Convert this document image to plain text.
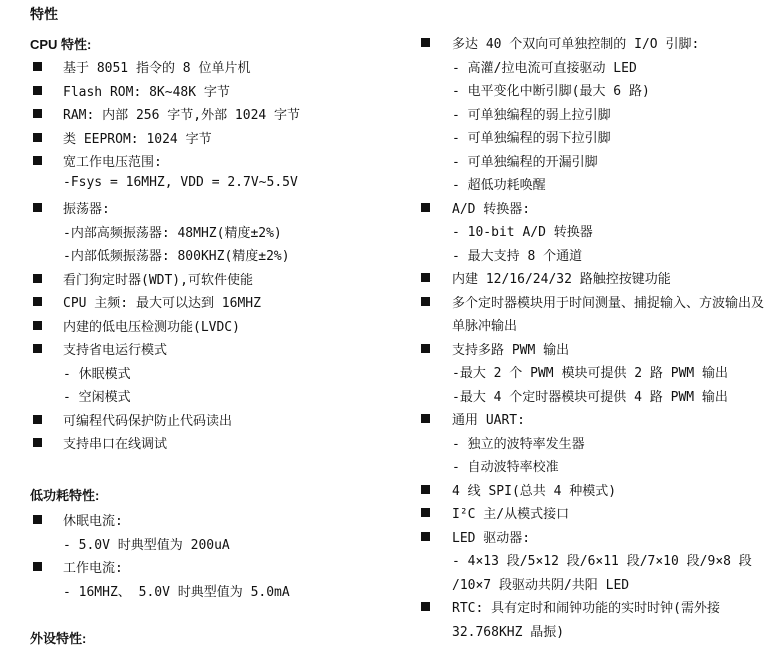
特性
CPU 特性:
基于 8051 指令的 8 位单片机
Flash ROM: 8K~48K 字节
RAM: 内部 256 字节,外部 1024 字节
类 EEPROM: 1024 字节
宽工作电压范围:
-Fsys = 16MHZ, VDD = 2.7V~5.5V
振荡器:
-内部高频振荡器: 48MHZ(精度±2%)
-内部低频振荡器: 800KHZ(精度±2%)
看门狗定时器(WDT),可软件使能
CPU 主频: 最大可以达到 16MHZ
内建的低电压检测功能(LVDC)
支持省电运行模式
- 休眠模式
- 空闲模式
可编程代码保护防止代码读出
支持串口在线调试
低功耗特性:
休眠电流:
- 5.0V 时典型值为 200uA
工作电流:
- 16MHZ、 5.0V 时典型值为 5.0mA
外设特性:
多达 40 个双向可单独控制的 I/O 引脚:
- 高灌/拉电流可直接驱动 LED
- 电平变化中断引脚(最大 6 路)
- 可单独编程的弱上拉引脚
- 可单独编程的弱下拉引脚
- 可单独编程的开漏引脚
- 超低功耗唤醒
A/D 转换器:
- 10-bit A/D 转换器
- 最大支持 8 个通道
内建 12/16/24/32 路触控按键功能
多个定时器模块用于时间测量、捕捉输入、方波输出及
单脉冲输出
支持多路 PWM 输出
-最大 2 个 PWM 模块可提供 2 路 PWM 输出
-最大 4 个定时器模块可提供 4 路 PWM 输出
通用 UART:
- 独立的波特率发生器
- 自动波特率校准
4 线 SPI(总共 4 种模式)
I²C 主/从模式接口
LED 驱动器:
- 4×13 段/5×12 段/6×11 段/7×10 段/9×8 段
/10×7 段驱动共阴/共阳 LED
RTC: 具有定时和闹钟功能的实时时钟(需外接
32.768KHZ 晶振)
